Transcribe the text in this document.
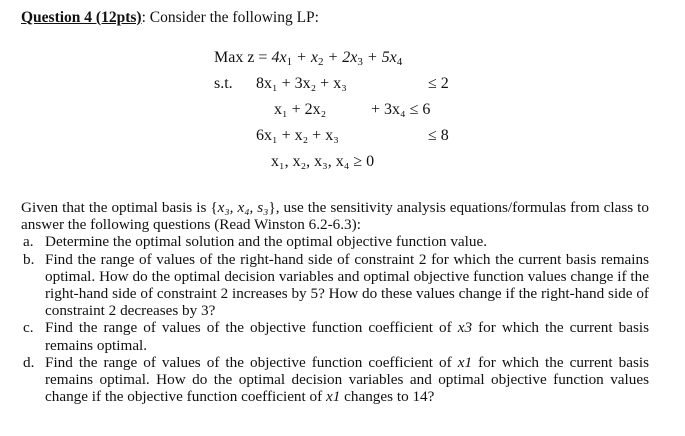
Question 4 (12pts): Consider the following LP:
Max $z = 4x_1 + x_2 + 2x_3 + 5x_4$
s.t. 8x₁ + 3x₂ + x₃	≤ 2
x₁ + 2x₂	+ 3x₄ ≤ 6
6x₁ + x₂ + x₃	≤ 8
x₁, x₂, x₃, x₄ ≥ 0

Given that the optimal basis is {x₃, x₄, s₃}, use the sensitivity analysis equations/formulas from class to answer the following questions (Read Winston 6.2-6.3):

a. Determine the optimal solution and the optimal objective function value.
b. Find the range of values of the right-hand side of constraint 2 for which the current basis remains optimal. How do the optimal decision variables and optimal objective function values change if the right-hand side of constraint 2 increases by 5? How do these values change if the right-hand side of constraint 2 decreases by 3?
c. Find the range of values of the objective function coefficient of x3 for which the current basis remains optimal.
d. Find the range of values of the objective function coefficient of x1 for which the current basis remains optimal. How do the optimal decision variables and optimal objective function values change if the objective function coefficient of x1 changes to 14?
